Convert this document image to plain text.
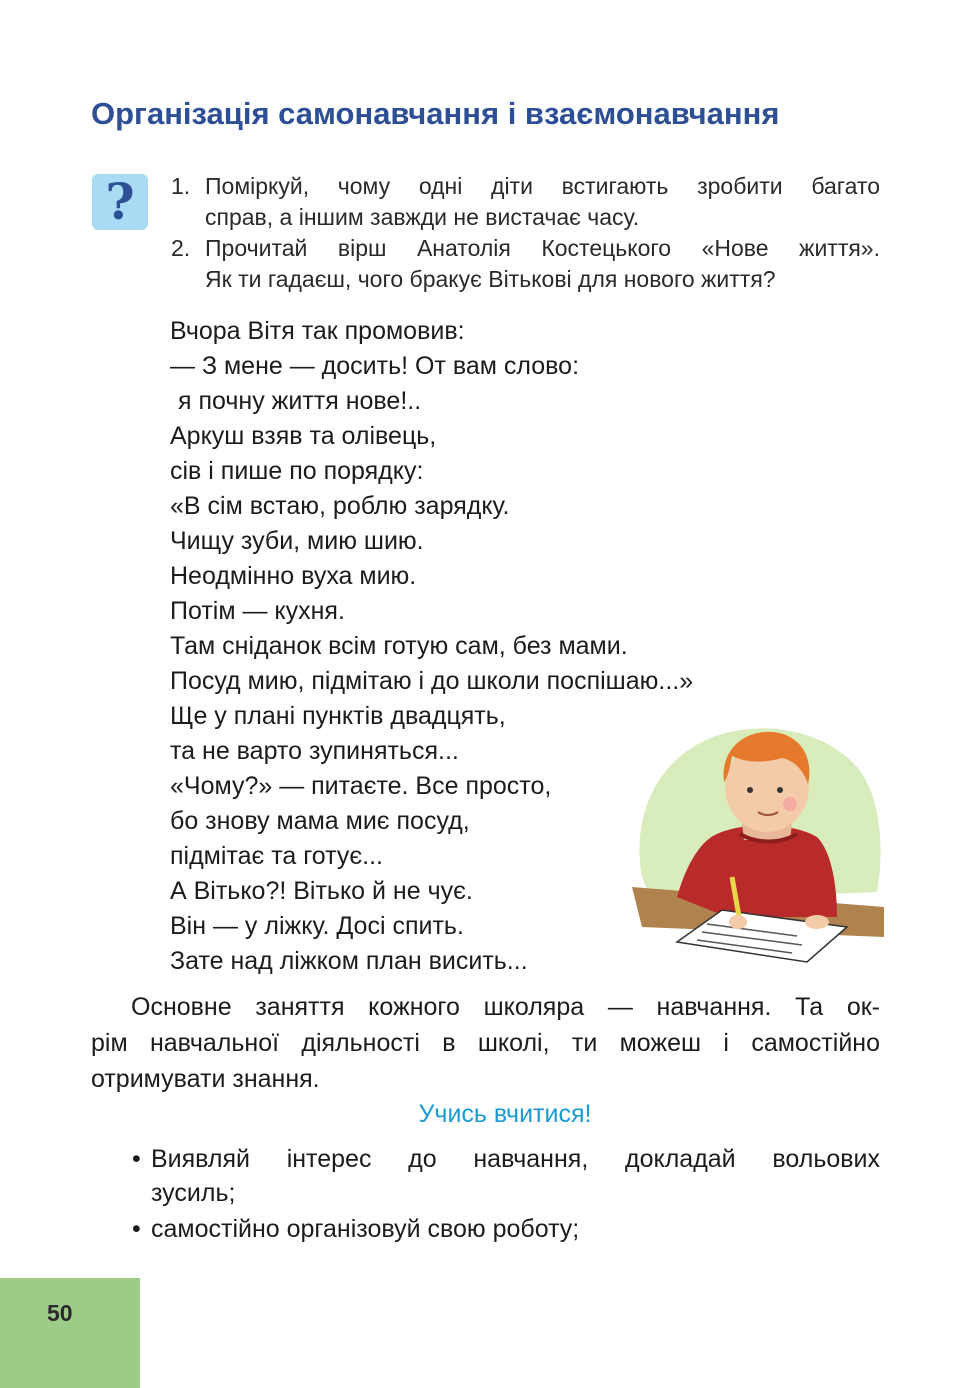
Організація самонавчання і взаємонавчання
?	1. Поміркуй, чому одні діти встигають зробити багато
справ, а іншим завжди не вистачає часу.
2. Прочитай вірш Анатолія Костецького «Нове життя».
Як ти гадаєш, чого бракує Вітькові для нового життя?
Вчора Вітя так промовив:
— З мене — досить! От вам слово:
я почну життя нове!..
Аркуш взяв та олівець,
сів і пише по порядку:
«В сім встаю, роблю зарядку.
Чищу зуби, мию шию.
Неодмінно вуха мию.
Потім — кухня.
Там сніданок всім готую сам, без мами.
Посуд мию, підмітаю і до школи поспішаю...»
Ще у плані пунктів двадцять,
та не варто зупиняться...
«Чому?» — питаєте. Все просто,
бо знову мама миє посуд,
підмітає та готує...
А Вітько?! Вітько й не чує.
Він — у ліжку. Досі спить.
Зате над ліжком план висить...
Основне заняття кожного школяра — навчання. Та ок-
рім навчальної діяльності в школі, ти можеш і самостійно
отримувати знання.
Учись вчитися!
• Виявляй інтерес до навчання, докладай вольових
зусиль;
• самостійно організовуй свою роботу;
50
